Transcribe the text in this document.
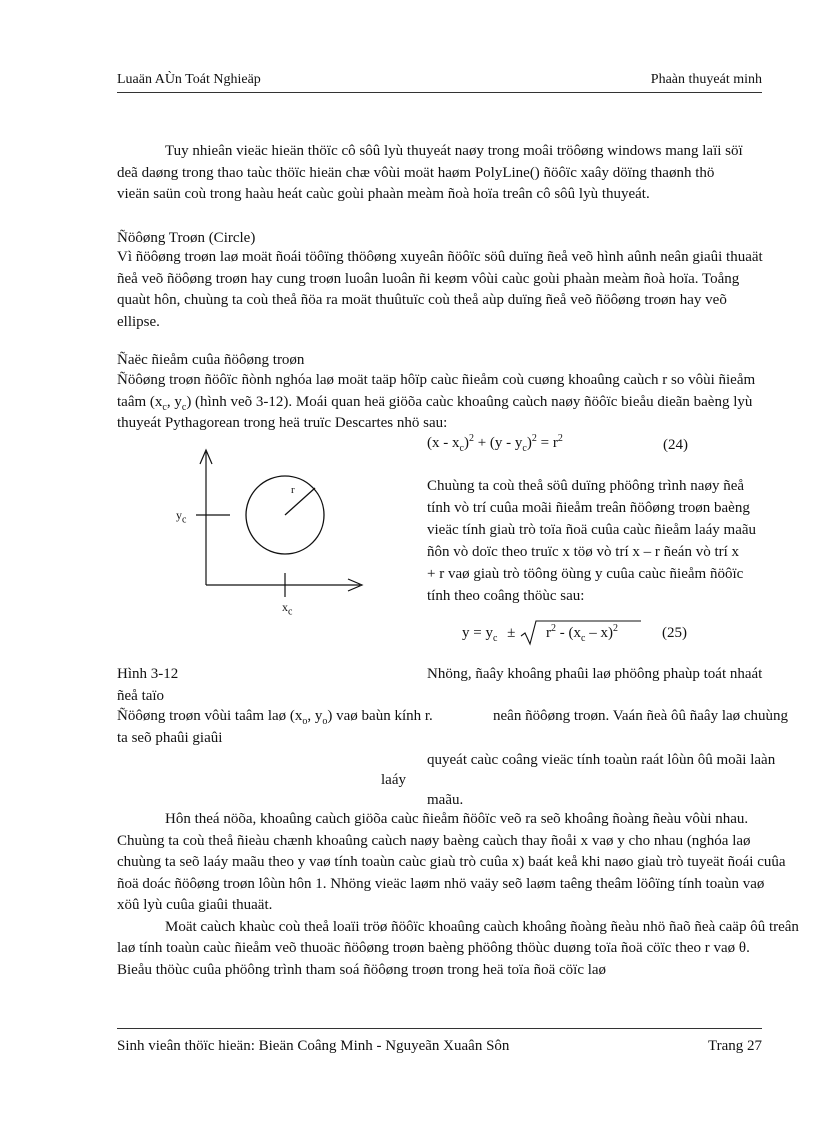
Luaän AÙn Toát Nghieäp	Phaàn thuyeát minh
Tuy nhieân vieäc hieän thöïc cô sôû lyù thuyeát naøy trong moâi tröôøng windows mang laïi söï
deã daøng trong thao taùc thöïc hieän chæ vôùi moät haøm PolyLine() ñöôïc xaây döïng thaønh thö
vieän saün coù trong haàu heát caùc goùi phaàn meàm ñoà hoïa treân cô sôû lyù thuyeát.
Ñöôøng Troøn (Circle)
Vì ñöôøng troøn laø moät ñoái töôïng thöôøng xuyeân ñöôïc söû duïng ñeå veõ hình aûnh neân giaûi thuaät
ñeå veõ ñöôøng troøn hay cung troøn luoân luoân ñi keøm vôùi caùc goùi phaàn meàm ñoà hoïa. Toång
quaùt hôn, chuùng ta coù theå ñöa ra moät thuûtuïc coù theå aùp duïng ñeå veõ ñöôøng troøn hay veõ
ellipse.
Ñaëc ñieåm cuûa ñöôøng troøn
Ñöôøng troøn ñöôïc ñònh nghóa laø moät taäp hôïp caùc ñieåm coù cuøng khoaûng caùch r so vôùi ñieåm
taâm ($x_c$, $y_c$) (hình veõ 3-12). Moái quan heä giöõa caùc khoaûng caùch naøy ñöôïc bieåu dieãn baèng lyù
thuyeát Pythagorean trong heä truïc Descartes nhö sau:
$(x - x_c)^2 + (y - y_c)^2 = r^2$	(24)
$y_c$
r
$x_c$
Chuùng ta coù theå söû duïng phöông trình naøy ñeå
tính vò trí cuûa moãi ñieåm treân ñöôøng troøn baèng
vieäc tính giaù trò toïa ñoä cuûa caùc ñieåm laáy maãu
ñôn vò doïc theo truïc x töø vò trí x – r ñeán vò trí x
+ r vaø giaù trò töông öùng y cuûa caùc ñieåm ñöôïc
tính theo coâng thöùc sau:
$y = y_c \pm r^2 - (x_c - x)^2$	(25)
Hình 3-12
ñeå taïo
Ñöôøng troøn vôùi taâm laø ($x_o$, $y_o$) vaø baùn kính r.
ta seõ phaûi giaûi
Nhöng, ñaây khoâng phaûi laø phöông phaùp toát nhaát
neân ñöôøng troøn. Vaán ñeà ôû ñaây laø chuùng
quyeát caùc coâng vieäc tính toaùn raát lôùn ôû moãi laàn
laáy
maãu.
Hôn theá nöõa, khoaûng caùch giöõa caùc ñieåm ñöôïc veõ ra seõ khoâng ñoàng ñeàu vôùi nhau.
Chuùng ta coù theå ñieàu chænh khoaûng caùch naøy baèng caùch thay ñoåi x vaø y cho nhau (nghóa laø
chuùng ta seõ laáy maãu theo y vaø tính toaùn caùc giaù trò cuûa x) baát keå khi naøo giaù trò tuyeät ñoái cuûa
ñoä doác ñöôøng troøn lôùn hôn 1. Nhöng vieäc laøm nhö vaäy seõ laøm taêng theâm löôïng tính toaùn vaø
xöû lyù cuûa giaûi thuaät.
Moät caùch khaùc coù theå loaïi tröø ñöôïc khoaûng caùch khoâng ñoàng ñeàu nhö ñaõ ñeà caäp ôû treân
laø tính toaùn caùc ñieåm veõ thuoäc ñöôøng troøn baèng phöông thöùc duøng toïa ñoä cöïc theo r vaø θ.
Bieåu thöùc cuûa phöông trình tham soá ñöôøng troøn trong heä toïa ñoä cöïc laø
Sinh vieân thöïc hieän: Bieän Coâng Minh - Nguyeãn Xuaân Sôn	Trang 27
